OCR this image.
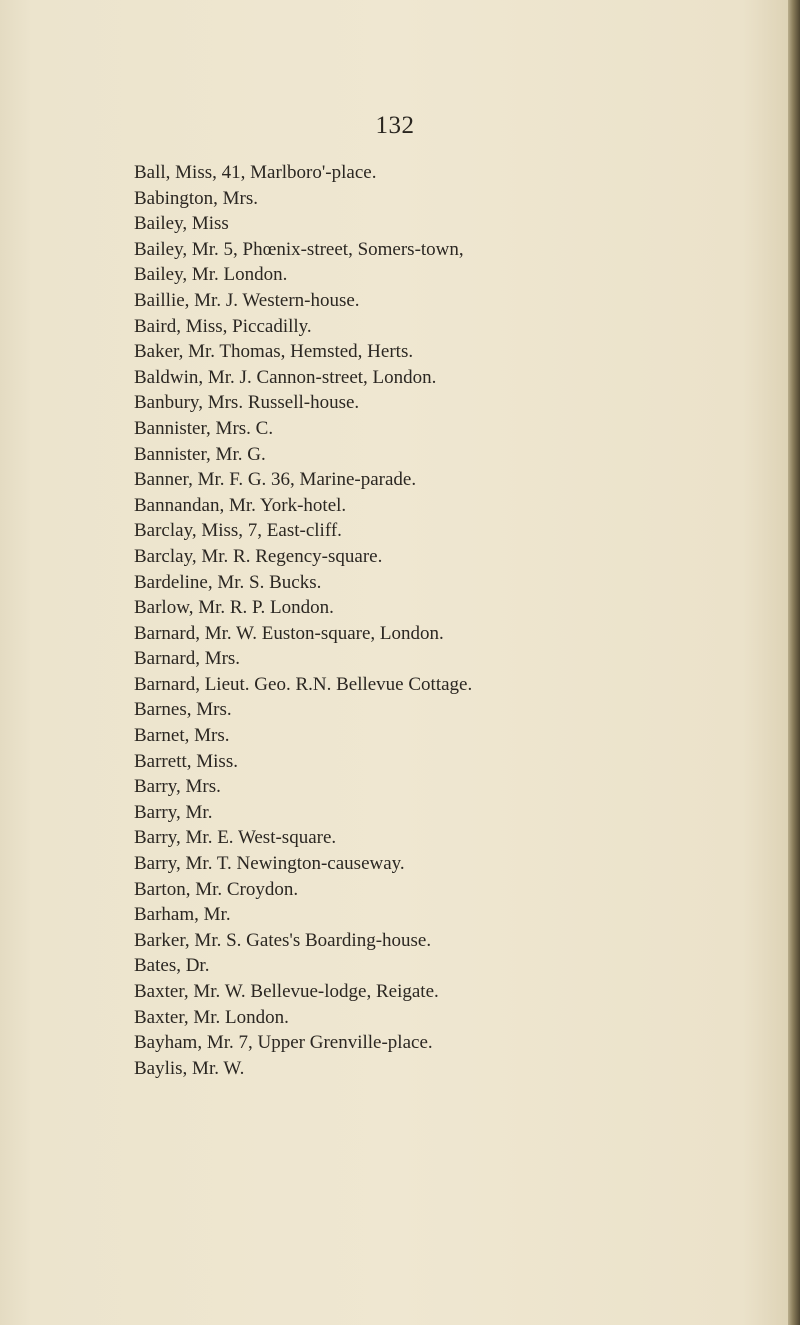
132
Ball, Miss, 41, Marlboro'-place.
Babington, Mrs.
Bailey, Miss
Bailey, Mr. 5, Phœnix-street, Somers-town,
Bailey, Mr. London.
Baillie, Mr. J. Western-house.
Baird, Miss, Piccadilly.
Baker, Mr. Thomas, Hemsted, Herts.
Baldwin, Mr. J. Cannon-street, London.
Banbury, Mrs. Russell-house.
Bannister, Mrs. C.
Bannister, Mr. G.
Banner, Mr. F. G. 36, Marine-parade.
Bannandan, Mr. York-hotel.
Barclay, Miss, 7, East-cliff.
Barclay, Mr. R. Regency-square.
Bardeline, Mr. S. Bucks.
Barlow, Mr. R. P. London.
Barnard, Mr. W. Euston-square, London.
Barnard, Mrs.
Barnard, Lieut. Geo. R.N. Bellevue Cottage.
Barnes, Mrs.
Barnet, Mrs.
Barrett, Miss.
Barry, Mrs.
Barry, Mr.
Barry, Mr. E. West-square.
Barry, Mr. T. Newington-causeway.
Barton, Mr. Croydon.
Barham, Mr.
Barker, Mr. S. Gates's Boarding-house.
Bates, Dr.
Baxter, Mr. W. Bellevue-lodge, Reigate.
Baxter, Mr. London.
Bayham, Mr. 7, Upper Grenville-place.
Baylis, Mr. W.
